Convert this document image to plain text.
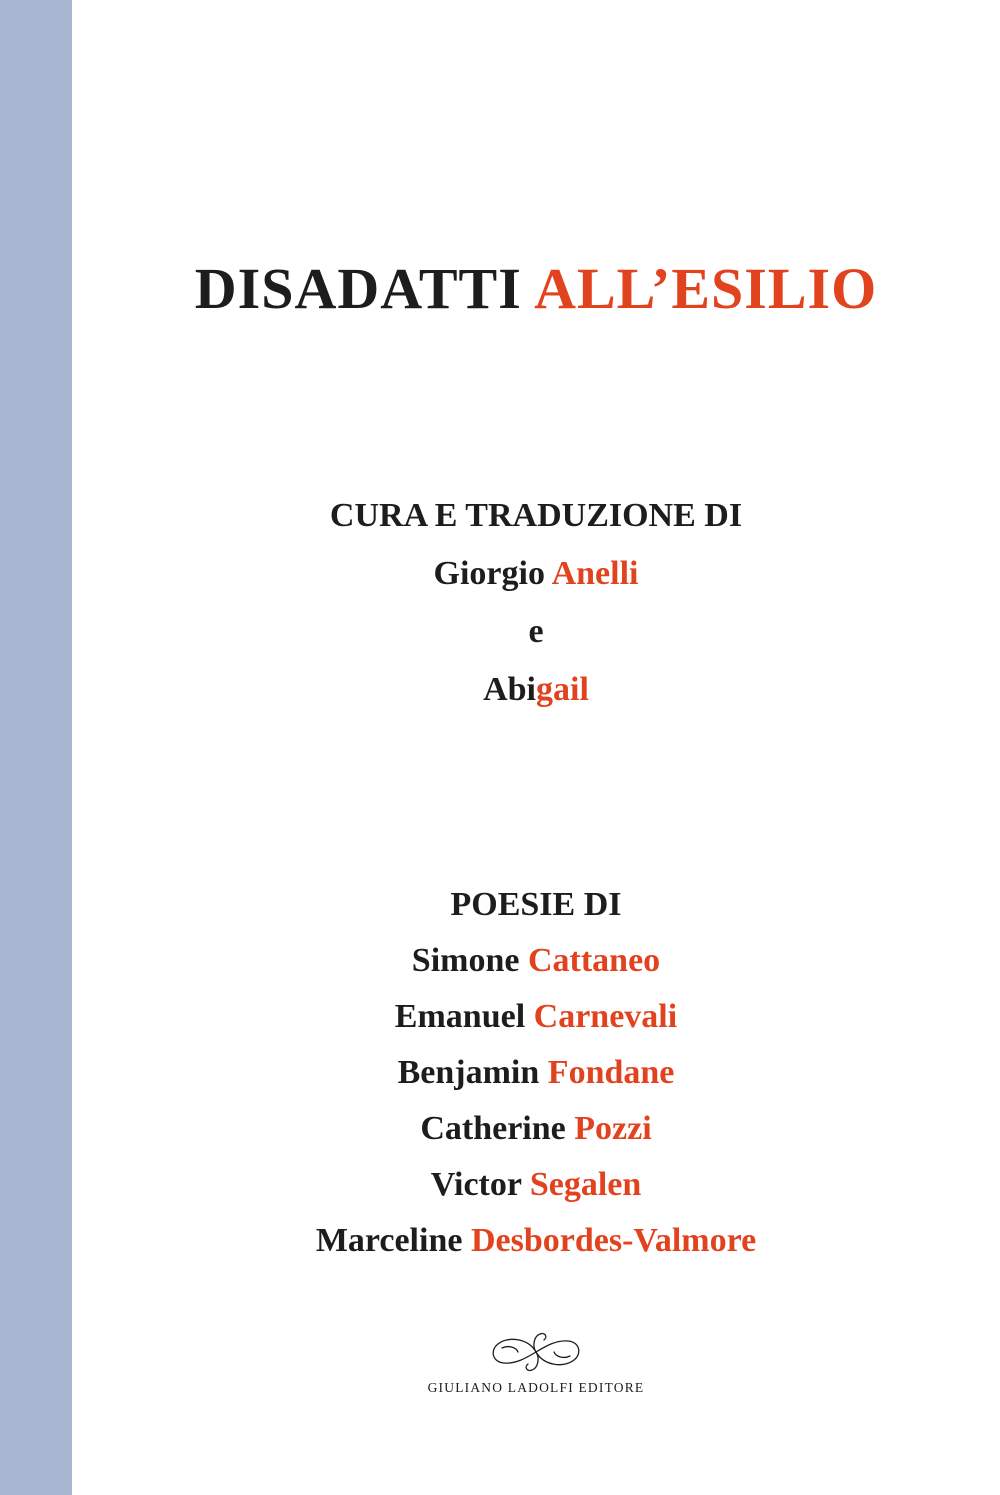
DISADATTI ALL’ESILIO
CURA E TRADUZIONE DI
Giorgio Anelli
e
Abigail
POESIE DI
Simone Cattaneo
Emanuel Carnevali
Benjamin Fondane
Catherine Pozzi
Victor Segalen
Marceline Desbordes-Valmore
GIULIANO LADOLFI EDITORE
